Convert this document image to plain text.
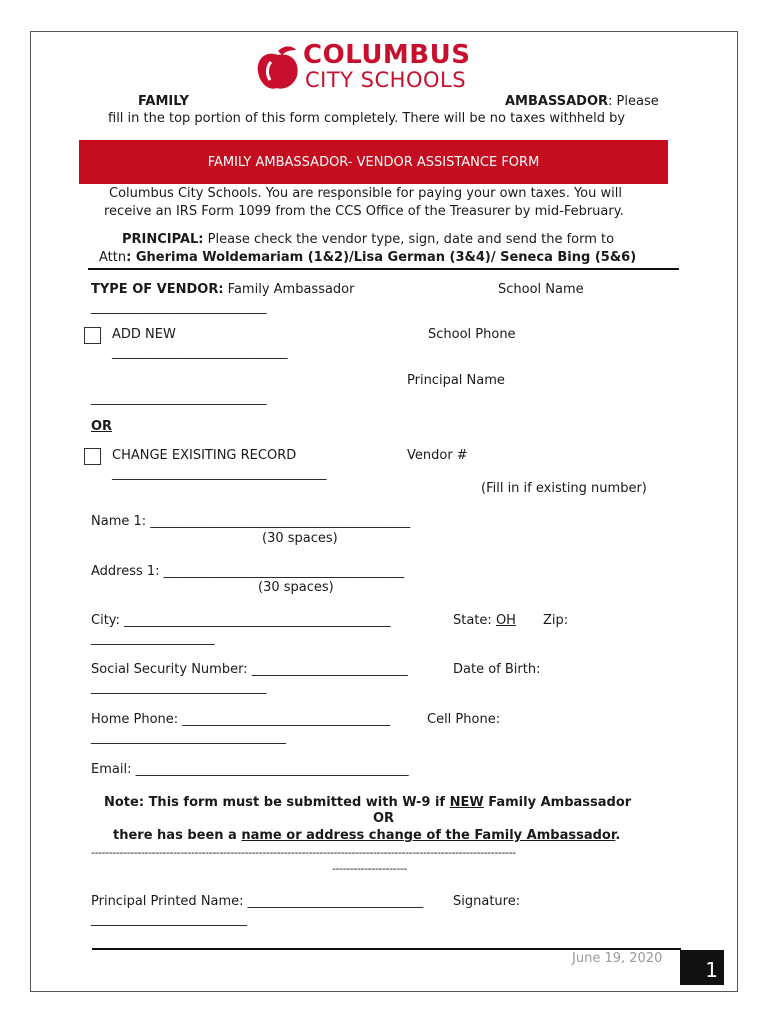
COLUMBUS
CITY SCHOOLS
FAMILY	AMBASSADOR: Please
fill in the top portion of this form completely. There will be no taxes withheld by
FAMILY AMBASSADOR- VENDOR ASSISTANCE FORM
Columbus City Schools. You are responsible for paying your own taxes. You will
receive an IRS Form 1099 from the CCS Office of the Treasurer by mid-February.
PRINCIPAL: Please check the vendor type, sign, date and send the form to
Attn: Gherima Woldemariam (1&2)/Lisa German (3&4)/ Seneca Bing (5&6)
TYPE OF VENDOR: Family Ambassador	School Name
___________________________
ADD NEW	School Phone
___________________________
Principal Name
___________________________
OR
CHANGE EXISITING RECORD	Vendor #
_________________________________
(Fill in if existing number)
Name 1: ________________________________________
(30 spaces)
Address 1: _____________________________________
(30 spaces)
City: _________________________________________	State: OH Zip:
___________________
Social Security Number: ________________________	Date of Birth:
___________________________
Home Phone: ________________________________	Cell Phone:
______________________________
Email: __________________________________________
Note: This form must be submitted with W-9 if NEW Family Ambassador
OR
there has been a name or address change of the Family Ambassador.
-----------------------------------------------------------------------------------------------------------------------
---------------------
Principal Printed Name: ___________________________ Signature:
________________________
June 19, 2020 1
